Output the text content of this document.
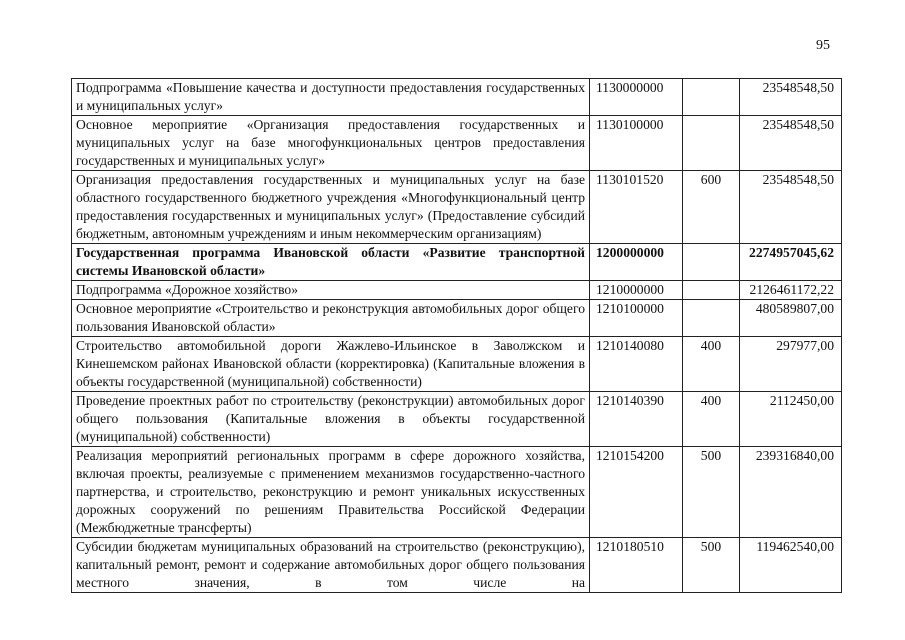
95
Подпрограмма «Повышение качества и доступности предоставления государственных и муниципальных услуг»	1130000000		23548548,50
Основное мероприятие «Организация предоставления государственных и муниципальных услуг на базе многофункциональных центров предоставления государственных и муниципальных услуг»	1130100000		23548548,50
Организация предоставления государственных и муниципальных услуг на базе областного государственного бюджетного учреждения «Многофункциональный центр предоставления государственных и муниципальных услуг» (Предоставление субсидий бюджетным, автономным учреждениям и иным некоммерческим организациям)	1130101520	600	23548548,50
Государственная программа Ивановской области «Развитие транспортной системы Ивановской области»	1200000000		2274957045,62
Подпрограмма «Дорожное хозяйство»	1210000000		2126461172,22
Основное мероприятие «Строительство и реконструкция автомобильных дорог общего пользования Ивановской области»	1210100000		480589807,00
Строительство автомобильной дороги Жажлево-Ильинское в Заволжском и Кинешемском районах Ивановской области (корректировка) (Капитальные вложения в объекты государственной (муниципальной) собственности)	1210140080	400	297977,00
Проведение проектных работ по строительству (реконструкции) автомобильных дорог общего пользования (Капитальные вложения в объекты государственной (муниципальной) собственности)	1210140390	400	2112450,00
Реализация мероприятий региональных программ в сфере дорожного хозяйства, включая проекты, реализуемые с применением механизмов государственно-частного партнерства, и строительство, реконструкцию и ремонт уникальных искусственных дорожных сооружений по решениям Правительства Российской Федерации (Межбюджетные трансферты)	1210154200	500	239316840,00
Субсидии бюджетам муниципальных образований на строительство (реконструкцию), капитальный ремонт, ремонт и содержание автомобильных дорог общего пользования местного значения, в том числе на	1210180510	500	119462540,00
